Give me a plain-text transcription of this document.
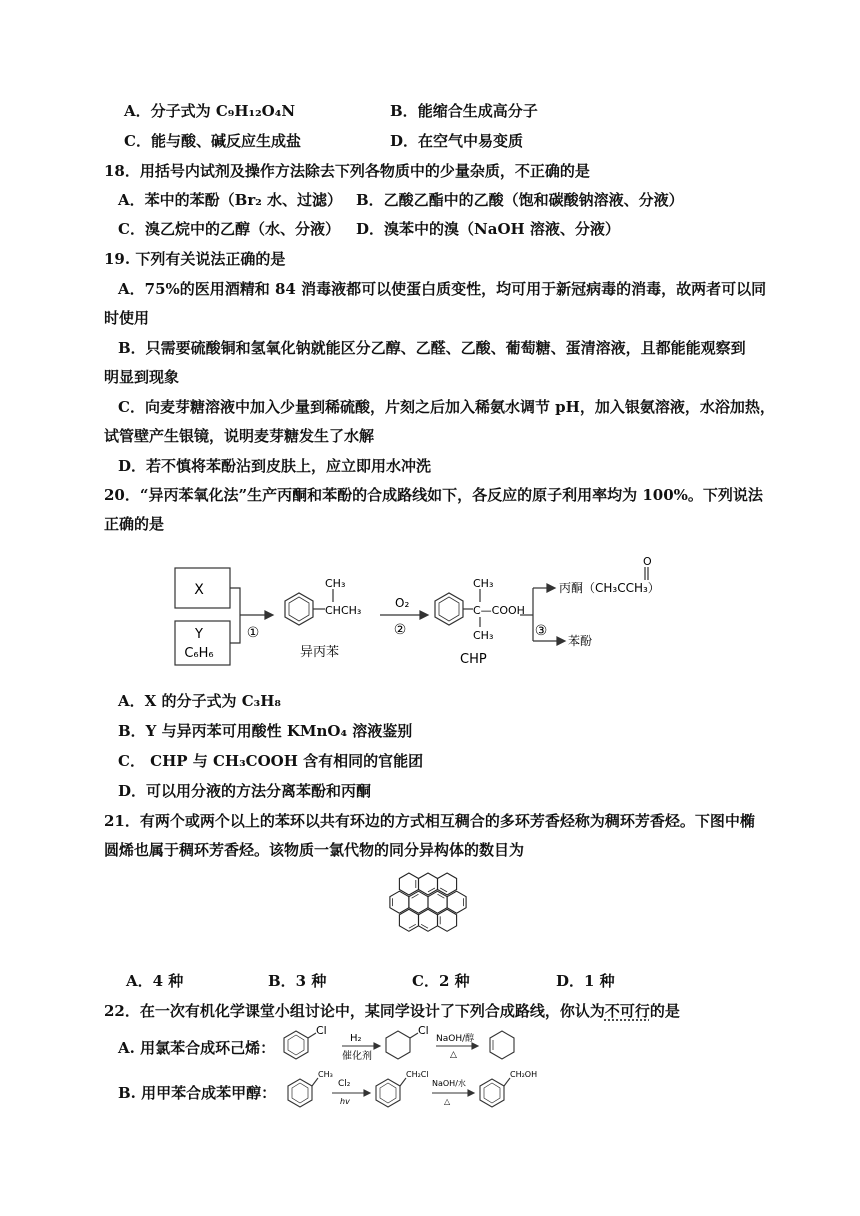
A．分子式为 C₉H₁₂O₄N	B．能缩合生成高分子
C．能与酸、碱反应生成盐	D．在空气中易变质
18．用括号内试剂及操作方法除去下列各物质中的少量杂质，不正确的是
A．苯中的苯酚（Br₂ 水、过滤） B．乙酸乙酯中的乙酸（饱和碳酸钠溶液、分液）
C．溴乙烷中的乙醇（水、分液） D．溴苯中的溴（NaOH 溶液、分液）
19. 下列有关说法正确的是
A．75%的医用酒精和 84 消毒液都可以使蛋白质变性，均可用于新冠病毒的消毒，故两者可以同
时使用
B．只需要硫酸铜和氢氧化钠就能区分乙醇、乙醛、乙酸、葡萄糖、蛋清溶液，且都能能观察到
明显到现象
C．向麦芽糖溶液中加入少量到稀硫酸，片刻之后加入稀氨水调节 pH，加入银氨溶液，水浴加热，
试管壁产生银镜，说明麦芽糖发生了水解
D．若不慎将苯酚沾到皮肤上，应立即用水冲洗
20．“异丙苯氧化法”生产丙酮和苯酚的合成路线如下，各反应的原子利用率均为 100%。下列说法
正确的是
X
Y
C₆H₆
①
CH₃
CHCH₃
异丙苯
O₂
②
CH₃
C—COOH
CH₃
CHP
③
O
丙酮（CH₃CCH₃）
苯酚
A．X 的分子式为 C₃H₈
B．Y 与异丙苯可用酸性 KMnO₄ 溶液鉴别
C． CHP 与 CH₃COOH 含有相同的官能团
D．可以用分液的方法分离苯酚和丙酮
21．有两个或两个以上的苯环以共有环边的方式相互稠合的多环芳香烃称为稠环芳香烃。下图中椭
圆烯也属于稠环芳香烃。该物质一氯代物的同分异构体的数目为
A．4 种	B．3 种	C．2 种	D．1 种
22．在一次有机化学课堂小组讨论中，某同学设计了下列合成路线，你认为不可行的是
A. 用氯苯合成环己烯：
Cl
H₂
催化剂
Cl
NaOH/醇
△
B. 用甲苯合成苯甲醇：
CH₃
Cl₂
hv
CH₂Cl
NaOH/水
△
CH₂OH
